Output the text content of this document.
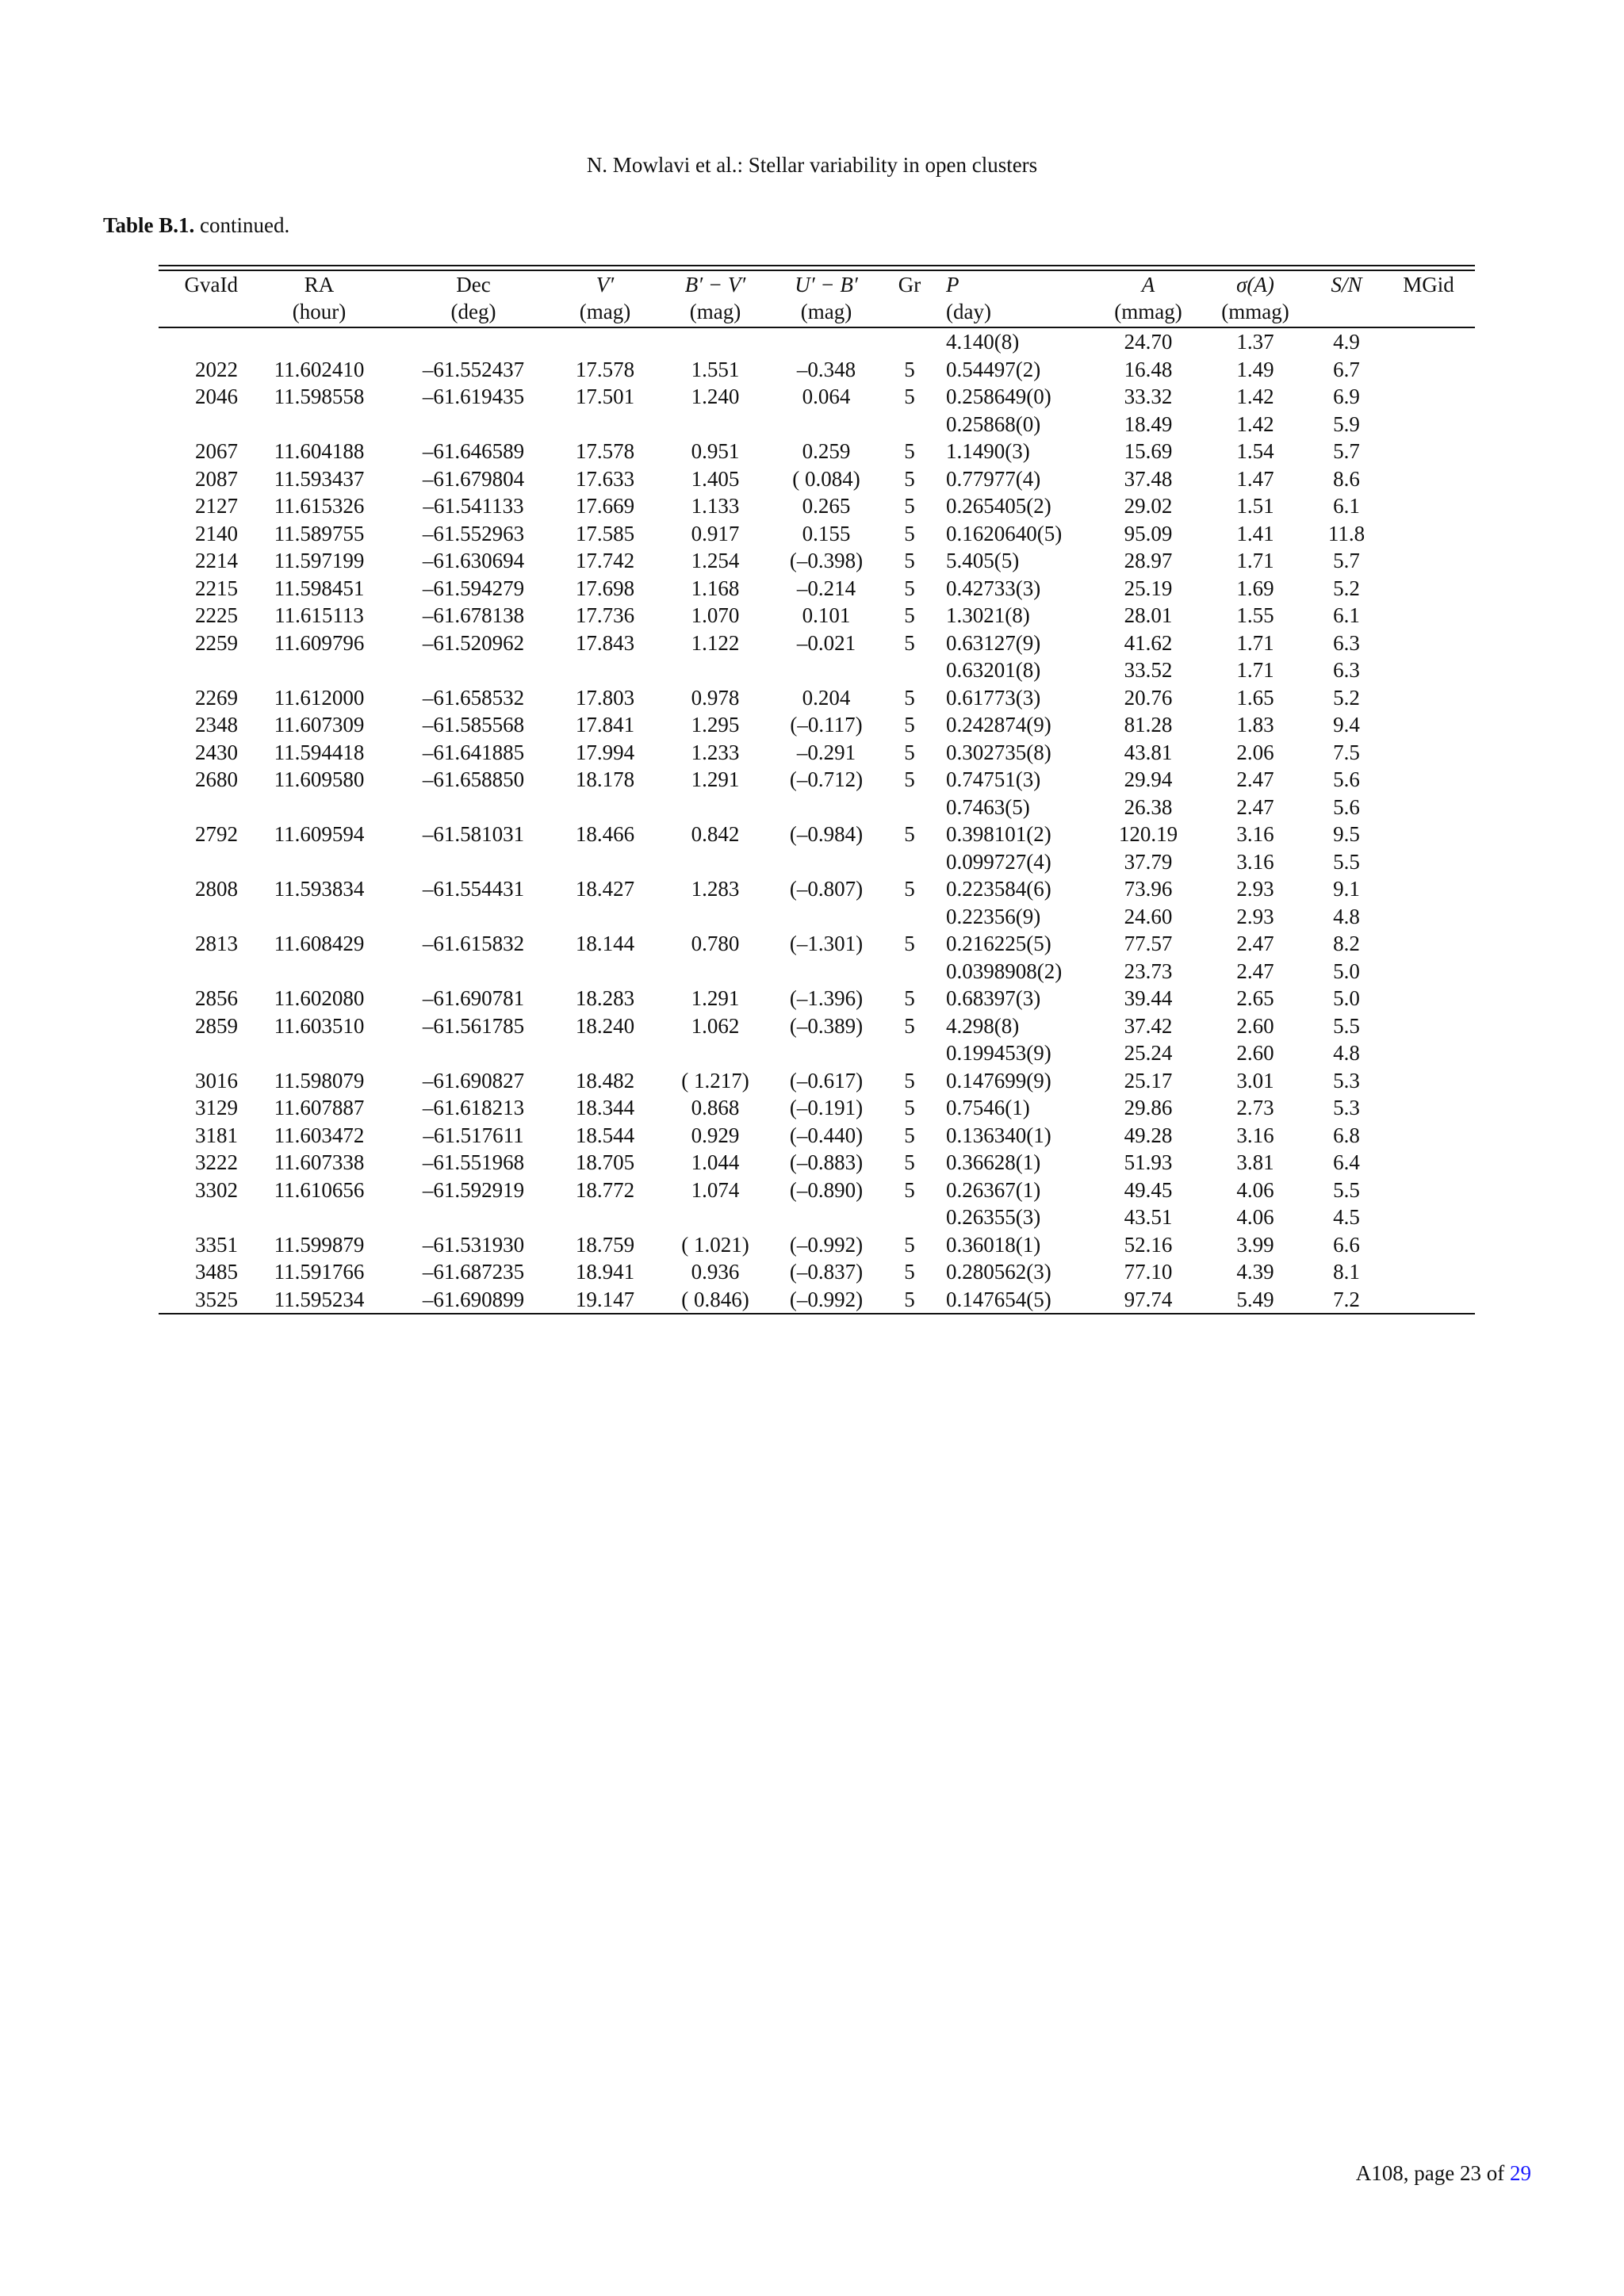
N. Mowlavi et al.: Stellar variability in open clusters
Table B.1. continued.
GvaId	RA	Dec	V′	B′ − V′	U′ − B′	Gr	P	A	σ(A)	S/N	MGid
	(hour)	(deg)	(mag)	(mag)	(mag)		(day)	(mmag)	(mmag)		

							4.140(8)	24.70	1.37	4.9	
2022	11.602410	–61.552437	17.578	1.551	–0.348	5	0.54497(2)	16.48	1.49	6.7	
2046	11.598558	–61.619435	17.501	1.240	0.064	5	0.258649(0)	33.32	1.42	6.9	
							0.25868(0)	18.49	1.42	5.9	
2067	11.604188	–61.646589	17.578	0.951	0.259	5	1.1490(3)	15.69	1.54	5.7	
2087	11.593437	–61.679804	17.633	1.405	( 0.084)	5	0.77977(4)	37.48	1.47	8.6	
2127	11.615326	–61.541133	17.669	1.133	0.265	5	0.265405(2)	29.02	1.51	6.1	
2140	11.589755	–61.552963	17.585	0.917	0.155	5	0.1620640(5)	95.09	1.41	11.8	
2214	11.597199	–61.630694	17.742	1.254	(–0.398)	5	5.405(5)	28.97	1.71	5.7	
2215	11.598451	–61.594279	17.698	1.168	–0.214	5	0.42733(3)	25.19	1.69	5.2	
2225	11.615113	–61.678138	17.736	1.070	0.101	5	1.3021(8)	28.01	1.55	6.1	
2259	11.609796	–61.520962	17.843	1.122	–0.021	5	0.63127(9)	41.62	1.71	6.3	
							0.63201(8)	33.52	1.71	6.3	
2269	11.612000	–61.658532	17.803	0.978	0.204	5	0.61773(3)	20.76	1.65	5.2	
2348	11.607309	–61.585568	17.841	1.295	(–0.117)	5	0.242874(9)	81.28	1.83	9.4	
2430	11.594418	–61.641885	17.994	1.233	–0.291	5	0.302735(8)	43.81	2.06	7.5	
2680	11.609580	–61.658850	18.178	1.291	(–0.712)	5	0.74751(3)	29.94	2.47	5.6	
							0.7463(5)	26.38	2.47	5.6	
2792	11.609594	–61.581031	18.466	0.842	(–0.984)	5	0.398101(2)	120.19	3.16	9.5	
							0.099727(4)	37.79	3.16	5.5	
2808	11.593834	–61.554431	18.427	1.283	(–0.807)	5	0.223584(6)	73.96	2.93	9.1	
							0.22356(9)	24.60	2.93	4.8	
2813	11.608429	–61.615832	18.144	0.780	(–1.301)	5	0.216225(5)	77.57	2.47	8.2	
							0.0398908(2)	23.73	2.47	5.0	
2856	11.602080	–61.690781	18.283	1.291	(–1.396)	5	0.68397(3)	39.44	2.65	5.0	
2859	11.603510	–61.561785	18.240	1.062	(–0.389)	5	4.298(8)	37.42	2.60	5.5	
							0.199453(9)	25.24	2.60	4.8	
3016	11.598079	–61.690827	18.482	( 1.217)	(–0.617)	5	0.147699(9)	25.17	3.01	5.3	
3129	11.607887	–61.618213	18.344	0.868	(–0.191)	5	0.7546(1)	29.86	2.73	5.3	
3181	11.603472	–61.517611	18.544	0.929	(–0.440)	5	0.136340(1)	49.28	3.16	6.8	
3222	11.607338	–61.551968	18.705	1.044	(–0.883)	5	0.36628(1)	51.93	3.81	6.4	
3302	11.610656	–61.592919	18.772	1.074	(–0.890)	5	0.26367(1)	49.45	4.06	5.5	
							0.26355(3)	43.51	4.06	4.5	
3351	11.599879	–61.531930	18.759	( 1.021)	(–0.992)	5	0.36018(1)	52.16	3.99	6.6	
3485	11.591766	–61.687235	18.941	0.936	(–0.837)	5	0.280562(3)	77.10	4.39	8.1	
3525	11.595234	–61.690899	19.147	( 0.846)	(–0.992)	5	0.147654(5)	97.74	5.49	7.2	
A108, page 23 of 29
